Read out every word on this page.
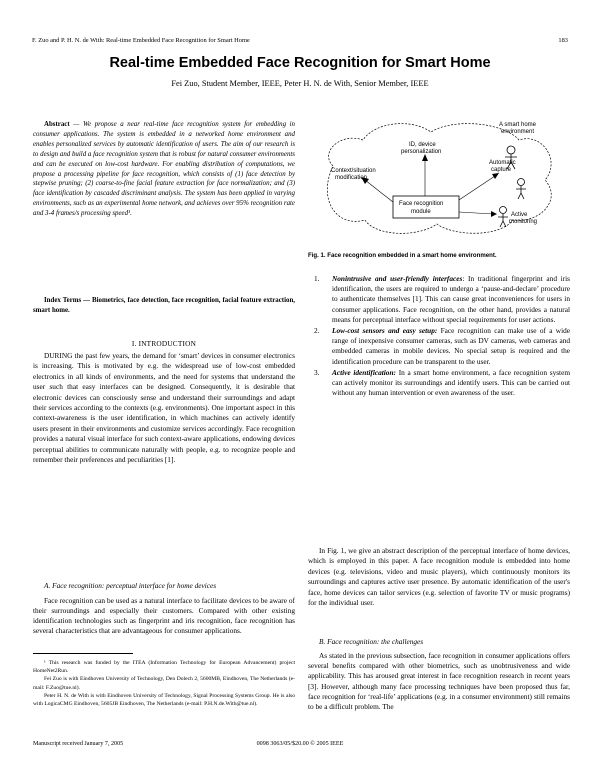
F. Zuo and P. H. N. de With: Real-time Embedded Face Recognition for Smart Home	183
Real-time Embedded Face Recognition for Smart Home
Fei Zuo, Student Member, IEEE, Peter H. N. de With, Senior Member, IEEE
Abstract — We propose a near real-time face recognition system for embedding in consumer applications. The system is embedded in a networked home environment and enables personalized services by automatic identification of users. The aim of our research is to design and build a face recognition system that is robust for natural consumer environments and can be executed on low-cost hardware. For enabling distribution of computations, we propose a processing pipeline for face recognition, which consists of (1) face detection by stepwise pruning; (2) coarse-to-fine facial feature extraction for face normalization; and (3) face identification by cascaded discriminant analysis. The system has been applied in varying environments, such as an experimental home network, and achieves over 95% recognition rate and 3-4 frames/s processing speed¹.
Index Terms — Biometrics, face detection, face recognition, facial feature extraction, smart home.
I. INTRODUCTION
DURING the past few years, the demand for ‘smart’ devices in consumer electronics is increasing. This is motivated by e.g. the widespread use of low-cost embedded electronics in all kinds of environments, and the need for systems that understand the user such that easy interfaces can be designed. Consequently, it is desirable that electronic devices can consciously sense and understand their surroundings and adapt their services according to the contexts (e.g. environments). One important aspect in this context-awareness is the user identification, in which machines can actively identify users present in their environments and customize services accordingly. Face recognition provides a natural visual interface for such context-aware applications, endowing devices perceptual abilities to communicate naturally with people, e.g. to recognize people and remember their preferences and peculiarities [1].
A. Face recognition: perceptual interface for home devices
Face recognition can be used as a natural interface to facilitate devices to be aware of their surroundings and especially their customers. Compared with other existing identification technologies such as fingerprint and iris recognition, face recognition has several characteristics that are advantageous for consumer applications.
¹ This research was funded by the ITEA (Information Technology for European Advancement) project HomeNet2Run.
Fei Zuo is with Eindhoven University of Technology, Den Dolech 2, 5600MB, Eindhoven, The Netherlands (e-mail: F.Zuo@tue.nl).
Peter H. N. de With is with Eindhoven University of Technology, Signal Processing Systems Group. He is also with LogicaCMG Eindhoven, 5605JB Eindhoven, The Netherlands (e-mail: P.H.N.de.With@tue.nl).
Manuscript received January 7, 2005	0098 3063/05/$20.00 © 2005 IEEE
A smart home
environment
ID, device
personalization
Context/situation
modification
Automatic
capture
Face recognition
module	Active
monitoring
Fig. 1. Face recognition embedded in a smart home environment.
1. Nonintrusive and user-friendly interfaces: In traditional fingerprint and iris identification, the users are required to undergo a ‘pause-and-declare’ procedure to authenticate themselves [1]. This can cause great inconveniences for users in consumer applications. Face recognition, on the other hand, provides a natural means for perceptual interface without special requirements for user actions.
2. Low-cost sensors and easy setup: Face recognition can make use of a wide range of inexpensive consumer cameras, such as DV cameras, web cameras and embedded cameras in mobile devices. No special setup is required and the identification procedure can be transparent to the user.
3. Active identification: In a smart home environment, a face recognition system can actively monitor its surroundings and identify users. This can be carried out without any human intervention or even awareness of the user.
In Fig. 1, we give an abstract description of the perceptual interface of home devices, which is employed in this paper. A face recognition module is embedded into home devices (e.g. televisions, video and music players), which continuously monitors its surroundings and captures active user presence. By automatic identification of the user's face, home devices can tailor services (e.g. selection of favorite TV or music programs) for the individual user.
B. Face recognition: the challenges
As stated in the previous subsection, face recognition in consumer applications offers several benefits compared with other biometrics, such as unobtrusiveness and wide applicability. This has aroused great interest in face recognition research in recent years [3]. However, although many face processing techniques have been proposed thus far, face recognition for ‘real-life’ applications (e.g. in a consumer environment) still remains to be a difficult problem. The
